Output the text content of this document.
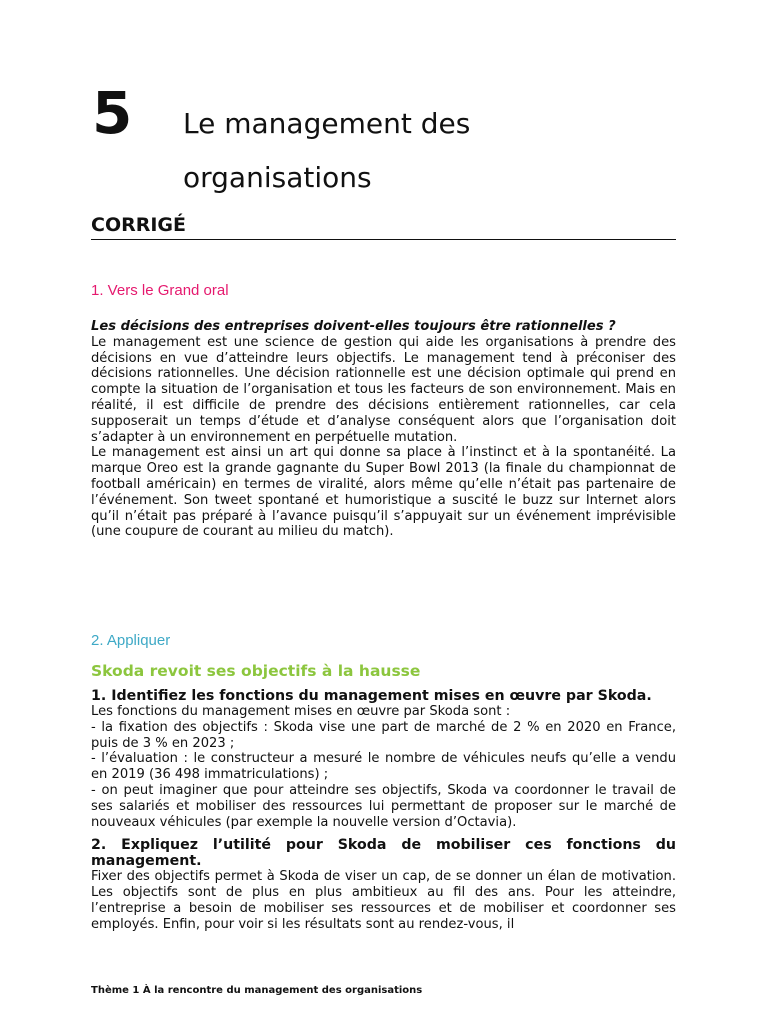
5 Le management des organisations
CORRIGÉ
1. Vers le Grand oral

Les décisions des entreprises doivent-elles toujours être rationnelles ?

Le management est une science de gestion qui aide les organisations à prendre des décisions en vue d’atteindre leurs objectifs. Le management tend à préconiser des décisions rationnelles. Une décision rationnelle est une décision optimale qui prend en compte la situation de l’organisation et tous les facteurs de son environnement. Mais en réalité, il est difficile de prendre des décisions entièrement rationnelles, car cela supposerait un temps d’étude et d’analyse conséquent alors que l’organisation doit s’adapter à un environnement en perpétuelle mutation.

Le management est ainsi un art qui donne sa place à l’instinct et à la spontanéité. La marque Oreo est la grande gagnante du Super Bowl 2013 (la finale du championnat de football américain) en termes de viralité, alors même qu’elle n’était pas partenaire de l’événement. Son tweet spontané et humoristique a suscité le buzz sur Internet alors qu’il n’était pas préparé à l’avance puisqu’il s’appuyait sur un événement imprévisible (une coupure de courant au milieu du match).

2. Appliquer
Skoda revoit ses objectifs à la hausse

1. Identifiez les fonctions du management mises en œuvre par Skoda.

Les fonctions du management mises en œuvre par Skoda sont :

- la fixation des objectifs : Skoda vise une part de marché de 2 % en 2020 en France, puis de 3 % en 2023 ;

- l’évaluation : le constructeur a mesuré le nombre de véhicules neufs qu’elle a vendu en 2019 (36 498 immatriculations) ;

- on peut imaginer que pour atteindre ses objectifs, Skoda va coordonner le travail de ses salariés et mobiliser des ressources lui permettant de proposer sur le marché de nouveaux véhicules (par exemple la nouvelle version d’Octavia).

2. Expliquez l’utilité pour Skoda de mobiliser ces fonctions du management.

Fixer des objectifs permet à Skoda de viser un cap, de se donner un élan de motivation. Les objectifs sont de plus en plus ambitieux au fil des ans. Pour les atteindre, l’entreprise a besoin de mobiliser ses ressources et de mobiliser et coordonner ses employés. Enfin, pour voir si les résultats sont au rendez-vous, il

Thème 1 À la rencontre du management des organisations
